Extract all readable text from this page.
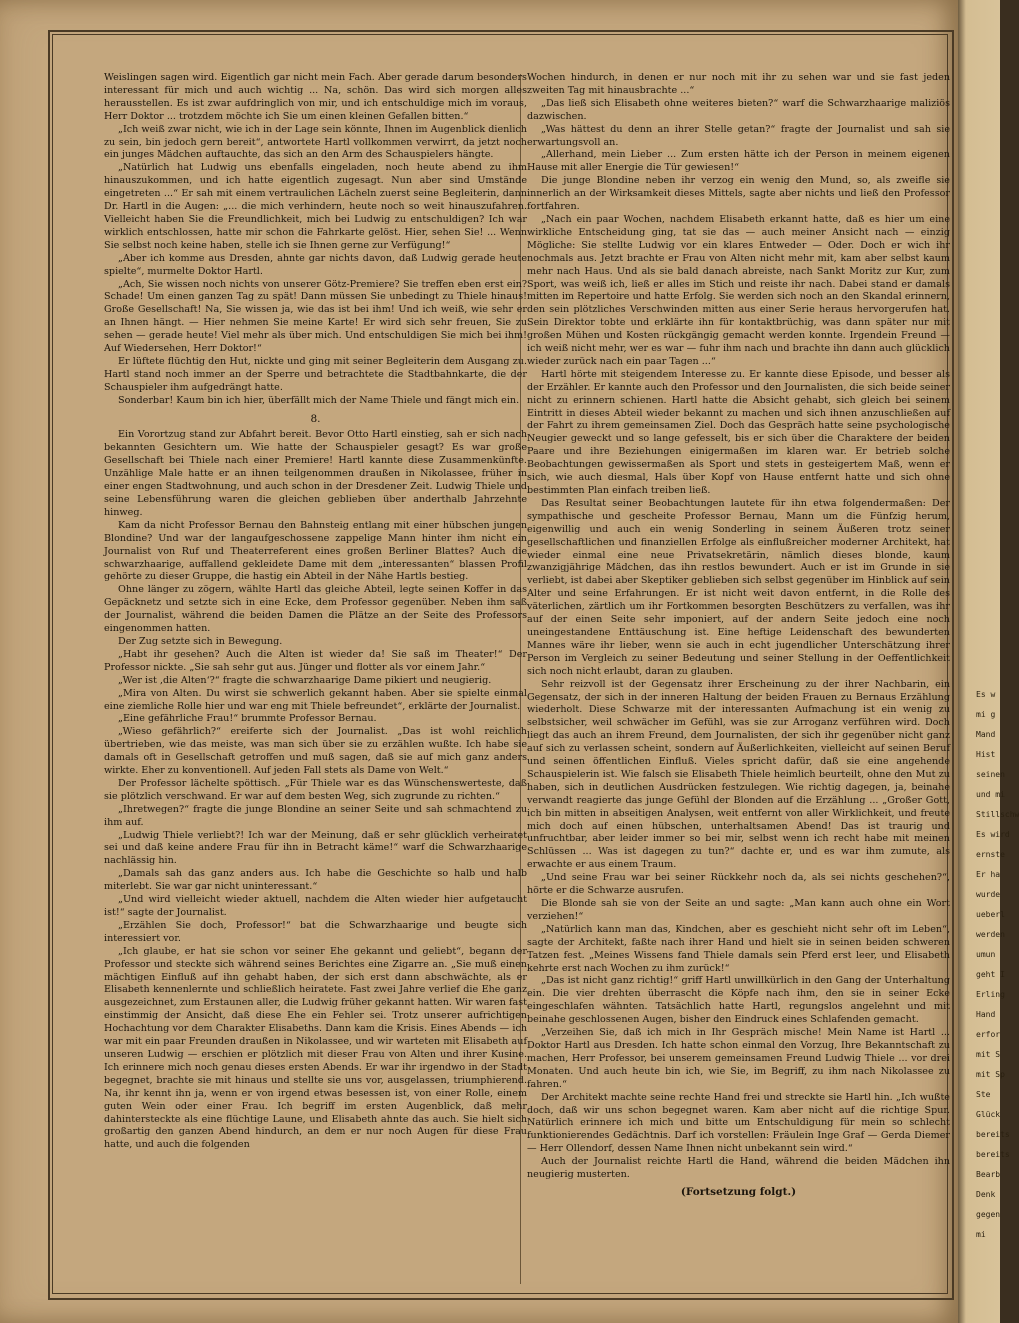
Weislingen sagen wird. Eigentlich gar nicht mein Fach. Aber gerade darum besonders interessant für mich und auch wichtig ... Na, schön. Das wird sich morgen alles herausstellen. Es ist zwar aufdringlich von mir, und ich entschuldige mich im voraus, Herr Doktor ... trotzdem möchte ich Sie um einen kleinen Gefallen bitten.“

„Ich weiß zwar nicht, wie ich in der Lage sein könnte, Ihnen im Augenblick dienlich zu sein, bin jedoch gern bereit“, antwortete Hartl vollkommen verwirrt, da jetzt noch ein junges Mädchen auftauchte, das sich an den Arm des Schauspielers hängte.

„Natürlich hat Ludwig uns ebenfalls eingeladen, noch heute abend zu ihm hinauszukommen, und ich hatte eigentlich zugesagt. Nun aber sind Umstände eingetreten ...“ Er sah mit einem vertraulichen Lächeln zuerst seine Begleiterin, dann Dr. Hartl in die Augen: „... die mich verhindern, heute noch so weit hinauszufahren. Vielleicht haben Sie die Freundlichkeit, mich bei Ludwig zu entschuldigen? Ich war wirklich entschlossen, hatte mir schon die Fahrkarte gelöst. Hier, sehen Sie! ... Wenn Sie selbst noch keine haben, stelle ich sie Ihnen gerne zur Verfügung!“

„Aber ich komme aus Dresden, ahnte gar nichts davon, daß Ludwig gerade heute spielte“, murmelte Doktor Hartl.

„Ach, Sie wissen noch nichts von unserer Götz-Premiere? Sie treffen eben erst ein? Schade! Um einen ganzen Tag zu spät! Dann müssen Sie unbedingt zu Thiele hinaus! Große Gesellschaft! Na, Sie wissen ja, wie das ist bei ihm! Und ich weiß, wie sehr er an Ihnen hängt. — Hier nehmen Sie meine Karte! Er wird sich sehr freuen, Sie zu sehen — gerade heute! Viel mehr als über mich. Und entschuldigen Sie mich bei ihm! Auf Wiedersehen, Herr Doktor!“

Er lüftete flüchtig den Hut, nickte und ging mit seiner Begleiterin dem Ausgang zu. Hartl stand noch immer an der Sperre und betrachtete die Stadtbahnkarte, die der Schauspieler ihm aufgedrängt hatte.

Sonderbar! Kaum bin ich hier, überfällt mich der Name Thiele und fängt mich ein.

8.

Ein Vorortzug stand zur Abfahrt bereit. Bevor Otto Hartl einstieg, sah er sich nach bekannten Gesichtern um. Wie hatte der Schauspieler gesagt? Es war große Gesellschaft bei Thiele nach einer Premiere! Hartl kannte diese Zusammenkünfte. Unzählige Male hatte er an ihnen teilgenommen draußen in Nikolassee, früher in einer engen Stadtwohnung, und auch schon in der Dresdener Zeit. Ludwig Thiele und seine Lebensführung waren die gleichen geblieben über anderthalb Jahrzehnte hinweg.

Kam da nicht Professor Bernau den Bahnsteig entlang mit einer hübschen jungen Blondine? Und war der langaufgeschossene zappelige Mann hinter ihm nicht ein Journalist von Ruf und Theaterreferent eines großen Berliner Blattes? Auch die schwarzhaarige, auffallend gekleidete Dame mit dem „interessanten“ blassen Profil gehörte zu dieser Gruppe, die hastig ein Abteil in der Nähe Hartls bestieg.

Ohne länger zu zögern, wählte Hartl das gleiche Abteil, legte seinen Koffer in das Gepäcknetz und setzte sich in eine Ecke, dem Professor gegenüber. Neben ihm saß der Journalist, während die beiden Damen die Plätze an der Seite des Professors eingenommen hatten.

Der Zug setzte sich in Bewegung.

„Habt ihr gesehen? Auch die Alten ist wieder da! Sie saß im Theater!“ Der Professor nickte. „Sie sah sehr gut aus. Jünger und flotter als vor einem Jahr.“

„Wer ist ‚die Alten‘?“ fragte die schwarzhaarige Dame pikiert und neugierig.

„Mira von Alten. Du wirst sie schwerlich gekannt haben. Aber sie spielte einmal eine ziemliche Rolle hier und war eng mit Thiele befreundet“, erklärte der Journalist.

„Eine gefährliche Frau!“ brummte Professor Bernau.

„Wieso gefährlich?“ ereiferte sich der Journalist. „Das ist wohl reichlich übertrieben, wie das meiste, was man sich über sie zu erzählen wußte. Ich habe sie damals oft in Gesellschaft getroffen und muß sagen, daß sie auf mich ganz anders wirkte. Eher zu konventionell. Auf jeden Fall stets als Dame von Welt.“

Der Professor lächelte spöttisch. „Für Thiele war es das Wünschenswerteste, daß sie plötzlich verschwand. Er war auf dem besten Weg, sich zugrunde zu richten.“

„Ihretwegen?“ fragte die junge Blondine an seiner Seite und sah schmachtend zu ihm auf.

„Ludwig Thiele verliebt?! Ich war der Meinung, daß er sehr glücklich verheiratet sei und daß keine andere Frau für ihn in Betracht käme!“ warf die Schwarzhaarige nachlässig hin.

„Damals sah das ganz anders aus. Ich habe die Geschichte so halb und halb miterlebt. Sie war gar nicht uninteressant.“

„Und wird vielleicht wieder aktuell, nachdem die Alten wieder hier aufgetaucht ist!“ sagte der Journalist.

„Erzählen Sie doch, Professor!“ bat die Schwarzhaarige und beugte sich interessiert vor.

„Ich glaube, er hat sie schon vor seiner Ehe gekannt und geliebt“, begann der Professor und steckte sich während seines Berichtes eine Zigarre an. „Sie muß einen mächtigen Einfluß auf ihn gehabt haben, der sich erst dann abschwächte, als er Elisabeth kennenlernte und schließlich heiratete. Fast zwei Jahre verlief die Ehe ganz ausgezeichnet, zum Erstaunen aller, die Ludwig früher gekannt hatten. Wir waren fast einstimmig der Ansicht, daß diese Ehe ein Fehler sei. Trotz unserer aufrichtigen Hochachtung vor dem Charakter Elisabeths. Dann kam die Krisis. Eines Abends — ich war mit ein paar Freunden draußen in Nikolassee, und wir warteten mit Elisabeth auf unseren Ludwig — erschien er plötzlich mit dieser Frau von Alten und ihrer Kusine. Ich erinnere mich noch genau dieses ersten Abends. Er war ihr irgendwo in der Stadt begegnet, brachte sie mit hinaus und stellte sie uns vor, ausgelassen, triumphierend. Na, ihr kennt ihn ja, wenn er von irgend etwas besessen ist, von einer Rolle, einem guten Wein oder einer Frau. Ich begriff im ersten Augenblick, daß mehr dahintersteckte als eine flüchtige Laune, und Elisabeth ahnte das auch. Sie hielt sich großartig den ganzen Abend hindurch, an dem er nur noch Augen für diese Frau hatte, und auch die folgenden

Wochen hindurch, in denen er nur noch mit ihr zu sehen war und sie fast jeden zweiten Tag mit hinausbrachte ...“

„Das ließ sich Elisabeth ohne weiteres bieten?“ warf die Schwarzhaarige maliziös dazwischen.

„Was hättest du denn an ihrer Stelle getan?“ fragte der Journalist und sah sie erwartungsvoll an.

„Allerhand, mein Lieber ... Zum ersten hätte ich der Person in meinem eigenen Hause mit aller Energie die Tür gewiesen!“

Die junge Blondine neben ihr verzog ein wenig den Mund, so, als zweifle sie innerlich an der Wirksamkeit dieses Mittels, sagte aber nichts und ließ den Professor fortfahren.

„Nach ein paar Wochen, nachdem Elisabeth erkannt hatte, daß es hier um eine wirkliche Entscheidung ging, tat sie das — auch meiner Ansicht nach — einzig Mögliche: Sie stellte Ludwig vor ein klares Entweder — Oder. Doch er wich ihr nochmals aus. Jetzt brachte er Frau von Alten nicht mehr mit, kam aber selbst kaum mehr nach Haus. Und als sie bald danach abreiste, nach Sankt Moritz zur Kur, zum Sport, was weiß ich, ließ er alles im Stich und reiste ihr nach. Dabei stand er damals mitten im Repertoire und hatte Erfolg. Sie werden sich noch an den Skandal erinnern, den sein plötzliches Verschwinden mitten aus einer Serie heraus hervorgerufen hat. Sein Direktor tobte und erklärte ihn für kontaktbrüchig, was dann später nur mit großen Mühen und Kosten rückgängig gemacht werden konnte. Irgendein Freund — ich weiß nicht mehr, wer es war — fuhr ihm nach und brachte ihn dann auch glücklich wieder zurück nach ein paar Tagen ...“

Hartl hörte mit steigendem Interesse zu. Er kannte diese Episode, und besser als der Erzähler. Er kannte auch den Professor und den Journalisten, die sich beide seiner nicht zu erinnern schienen. Hartl hatte die Absicht gehabt, sich gleich bei seinem Eintritt in dieses Abteil wieder bekannt zu machen und sich ihnen anzuschließen auf der Fahrt zu ihrem gemeinsamen Ziel. Doch das Gespräch hatte seine psychologische Neugier geweckt und so lange gefesselt, bis er sich über die Charaktere der beiden Paare und ihre Beziehungen einigermaßen im klaren war. Er betrieb solche Beobachtungen gewissermaßen als Sport und stets in gesteigertem Maß, wenn er sich, wie auch diesmal, Hals über Kopf von Hause entfernt hatte und sich ohne bestimmten Plan einfach treiben ließ.

Das Resultat seiner Beobachtungen lautete für ihn etwa folgendermaßen: Der sympathische und gescheite Professor Bernau, Mann um die Fünfzig herum, eigenwillig und auch ein wenig Sonderling in seinem Äußeren trotz seiner gesellschaftlichen und finanziellen Erfolge als einflußreicher moderner Architekt, hat wieder einmal eine neue Privatsekretärin, nämlich dieses blonde, kaum zwanzigjährige Mädchen, das ihn restlos bewundert. Auch er ist im Grunde in sie verliebt, ist dabei aber Skeptiker geblieben sich selbst gegenüber im Hinblick auf sein Alter und seine Erfahrungen. Er ist nicht weit davon entfernt, in die Rolle des väterlichen, zärtlich um ihr Fortkommen besorgten Beschützers zu verfallen, was ihr auf der einen Seite sehr imponiert, auf der andern Seite jedoch eine noch uneingestandene Enttäuschung ist. Eine heftige Leidenschaft des bewunderten Mannes wäre ihr lieber, wenn sie auch in echt jugendlicher Unterschätzung ihrer Person im Vergleich zu seiner Bedeutung und seiner Stellung in der Oeffentlichkeit sich noch nicht erlaubt, daran zu glauben.

Sehr reizvoll ist der Gegensatz ihrer Erscheinung zu der ihrer Nachbarin, ein Gegensatz, der sich in der inneren Haltung der beiden Frauen zu Bernaus Erzählung wiederholt. Diese Schwarze mit der interessanten Aufmachung ist ein wenig zu selbstsicher, weil schwächer im Gefühl, was sie zur Arroganz verführen wird. Doch liegt das auch an ihrem Freund, dem Journalisten, der sich ihr gegenüber nicht ganz auf sich zu verlassen scheint, sondern auf Äußerlichkeiten, vielleicht auf seinen Beruf und seinen öffentlichen Einfluß. Vieles spricht dafür, daß sie eine angehende Schauspielerin ist. Wie falsch sie Elisabeth Thiele heimlich beurteilt, ohne den Mut zu haben, sich in deutlichen Ausdrücken festzulegen. Wie richtig dagegen, ja, beinahe verwandt reagierte das junge Gefühl der Blonden auf die Erzählung ... „Großer Gott, ich bin mitten in abseitigen Analysen, weit entfernt von aller Wirklichkeit, und freute mich doch auf einen hübschen, unterhaltsamen Abend! Das ist traurig und unfruchtbar, aber leider immer so bei mir, selbst wenn ich recht habe mit meinen Schlüssen ... Was ist dagegen zu tun?“ dachte er, und es war ihm zumute, als erwachte er aus einem Traum.

„Und seine Frau war bei seiner Rückkehr noch da, als sei nichts geschehen?“, hörte er die Schwarze ausrufen.

Die Blonde sah sie von der Seite an und sagte: „Man kann auch ohne ein Wort verziehen!“

„Natürlich kann man das, Kindchen, aber es geschieht nicht sehr oft im Leben“, sagte der Architekt, faßte nach ihrer Hand und hielt sie in seinen beiden schweren Tatzen fest. „Meines Wissens fand Thiele damals sein Pferd erst leer, und Elisabeth kehrte erst nach Wochen zu ihm zurück!“

„Das ist nicht ganz richtig!“ griff Hartl unwillkürlich in den Gang der Unterhaltung ein. Die vier drehten überrascht die Köpfe nach ihm, den sie in seiner Ecke eingeschlafen wähnten. Tatsächlich hatte Hartl, regungslos angelehnt und mit beinahe geschlossenen Augen, bisher den Eindruck eines Schlafenden gemacht.

„Verzeihen Sie, daß ich mich in Ihr Gespräch mische! Mein Name ist Hartl ... Doktor Hartl aus Dresden. Ich hatte schon einmal den Vorzug, Ihre Bekanntschaft zu machen, Herr Professor, bei unserem gemeinsamen Freund Ludwig Thiele ... vor drei Monaten. Und auch heute bin ich, wie Sie, im Begriff, zu ihm nach Nikolassee zu fahren.“

Der Architekt machte seine rechte Hand frei und streckte sie Hartl hin. „Ich wußte doch, daß wir uns schon begegnet waren. Kam aber nicht auf die richtige Spur. Natürlich erinnere ich mich und bitte um Entschuldigung für mein so schlecht funktionierendes Gedächtnis. Darf ich vorstellen: Fräulein Inge Graf — Gerda Diemer — Herr Ollendorf, dessen Name Ihnen nicht unbekannt sein wird.“

Auch der Journalist reichte Hartl die Hand, während die beiden Mädchen ihn neugierig musterten.

(Fortsetzung folgt.)

Es w
mi g
Mand
Hist
seinen
und mi
Stillschw
Es wird
ernste
Er ha
wurde
ueberl
werden
umun
geht I
Erling
Hand
erfor
mit S
mit Sp
Ste
Glück
bereits
bereits
Bearb
Denk
gegen
mi
